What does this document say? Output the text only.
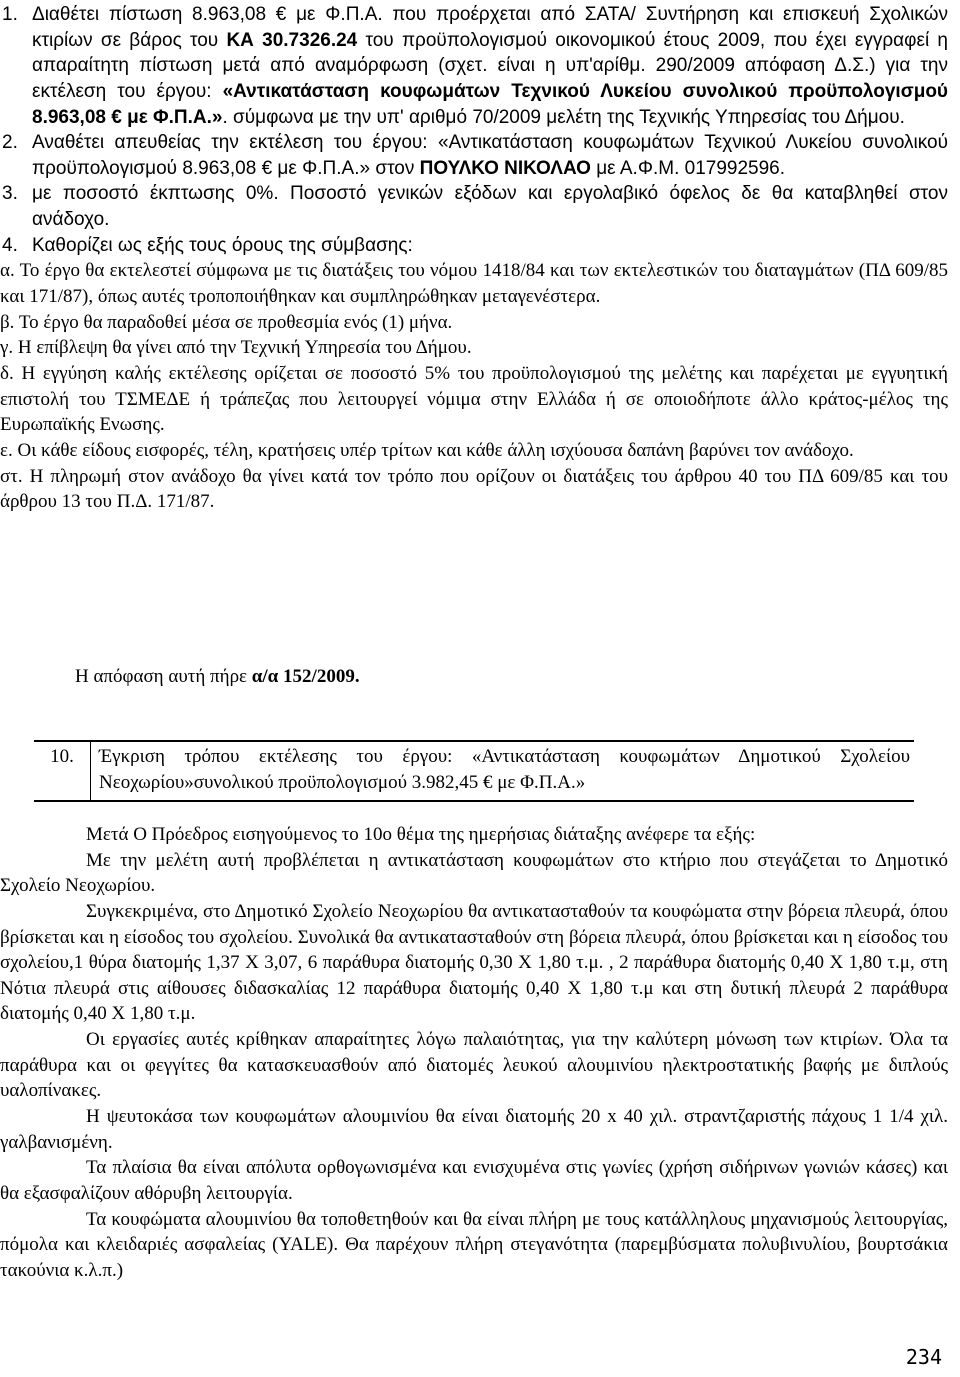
1. Διαθέτει πίστωση 8.963,08 € με Φ.Π.Α. που προέρχεται από ΣΑΤΑ/ Συντήρηση και επισκευή Σχολικών κτιρίων σε βάρος του ΚΑ 30.7326.24 του προϋπολογισμού οικονομικού έτους 2009, που έχει εγγραφεί η απαραίτητη πίστωση μετά από αναμόρφωση (σχετ. είναι η υπ'αρίθμ. 290/2009 απόφαση Δ.Σ.) για την εκτέλεση του έργου: «Αντικατάσταση κουφωμάτων Τεχνικού Λυκείου συνολικού προϋπολογισμού 8.963,08 € με Φ.Π.Α.». σύμφωνα με την υπ' αριθμό 70/2009 μελέτη της Τεχνικής Υπηρεσίας του Δήμου.
2. Αναθέτει απευθείας την εκτέλεση του έργου: «Αντικατάσταση κουφωμάτων Τεχνικού Λυκείου συνολικού προϋπολογισμού 8.963,08 € με Φ.Π.Α.» στον ΠΟΥΛΚΟ ΝΙΚΟΛΑΟ με Α.Φ.Μ. 017992596.
3. με ποσοστό έκπτωσης 0%. Ποσοστό γενικών εξόδων και εργολαβικό όφελος δε θα καταβληθεί στον ανάδοχο.
4. Καθορίζει ως εξής τους όρους της σύμβασης:
α. Το έργο θα εκτελεστεί σύμφωνα με τις διατάξεις του νόμου 1418/84 και των εκτελεστικών του διαταγμάτων (ΠΔ 609/85 και 171/87), όπως αυτές τροποποιήθηκαν και συμπληρώθηκαν μεταγενέστερα.
β. Το έργο θα παραδοθεί μέσα σε προθεσμία ενός (1) μήνα.
γ. Η επίβλεψη θα γίνει από την Τεχνική Υπηρεσία του Δήμου.
δ. Η εγγύηση καλής εκτέλεσης ορίζεται σε ποσοστό 5% του προϋπολογισμού της μελέτης και παρέχεται με εγγυητική επιστολή του ΤΣΜΕΔΕ ή τράπεζας που λειτουργεί νόμιμα στην Ελλάδα ή σε οποιοδήποτε άλλο κράτος-μέλος της Ευρωπαϊκής Ενωσης.
ε. Οι κάθε είδους εισφορές, τέλη, κρατήσεις υπέρ τρίτων και κάθε άλλη ισχύουσα δαπάνη βαρύνει τον ανάδοχο.
στ. Η πληρωμή στον ανάδοχο θα γίνει κατά τον τρόπο που ορίζουν οι διατάξεις του άρθρου 40 του ΠΔ 609/85 και του άρθρου 13 του Π.Δ. 171/87.
Η απόφαση αυτή πήρε α/α 152/2009.
10.	Έγκριση τρόπου εκτέλεσης του έργου: «Αντικατάσταση κουφωμάτων Δημοτικού Σχολείου Νεοχωρίου»συνολικού προϋπολογισμού 3.982,45 € με Φ.Π.Α.»

Μετά Ο Πρόεδρος εισηγούμενος το 10ο θέμα της ημερήσιας διάταξης ανέφερε τα εξής:

Με την μελέτη αυτή προβλέπεται η αντικατάσταση κουφωμάτων στο κτήριο που στεγάζεται το Δημοτικό Σχολείο Νεοχωρίου.

Συγκεκριμένα, στο Δημοτικό Σχολείο Νεοχωρίου θα αντικατασταθούν τα κουφώματα στην βόρεια πλευρά, όπου βρίσκεται και η είσοδος του σχολείου. Συνολικά θα αντικατασταθούν στη βόρεια πλευρά, όπου βρίσκεται και η είσοδος του σχολείου,1 θύρα διατομής 1,37 Χ 3,07, 6 παράθυρα διατομής 0,30 Χ 1,80 τ.μ. , 2 παράθυρα διατομής 0,40 Χ 1,80 τ.μ, στη Νότια πλευρά στις αίθουσες διδασκαλίας 12 παράθυρα διατομής 0,40 Χ 1,80 τ.μ και στη δυτική πλευρά 2 παράθυρα διατομής 0,40 Χ 1,80 τ.μ.

Οι εργασίες αυτές κρίθηκαν απαραίτητες λόγω παλαιότητας, για την καλύτερη μόνωση των κτιρίων. Όλα τα παράθυρα και οι φεγγίτες θα κατασκευασθούν από διατομές λευκού αλουμινίου ηλεκτροστατικής βαφής με διπλούς υαλοπίνακες.

Η ψευτοκάσα των κουφωμάτων αλουμινίου θα είναι διατομής 20 x 40 χιλ. στραντζαριστής πάχους 1 1/4 χιλ. γαλβανισμένη.

Τα πλαίσια θα είναι απόλυτα ορθογωνισμένα και ενισχυμένα στις γωνίες (χρήση σιδήρινων γωνιών κάσες) και θα εξασφαλίζουν αθόρυβη λειτουργία.

Τα κουφώματα αλουμινίου θα τοποθετηθούν και θα είναι πλήρη με τους κατάλληλους μηχανισμούς λειτουργίας, πόμολα και κλειδαριές ασφαλείας (YALE). Θα παρέχουν πλήρη στεγανότητα (παρεμβύσματα πολυβινυλίου, βουρτσάκια τακούνια κ.λ.π.)

234
